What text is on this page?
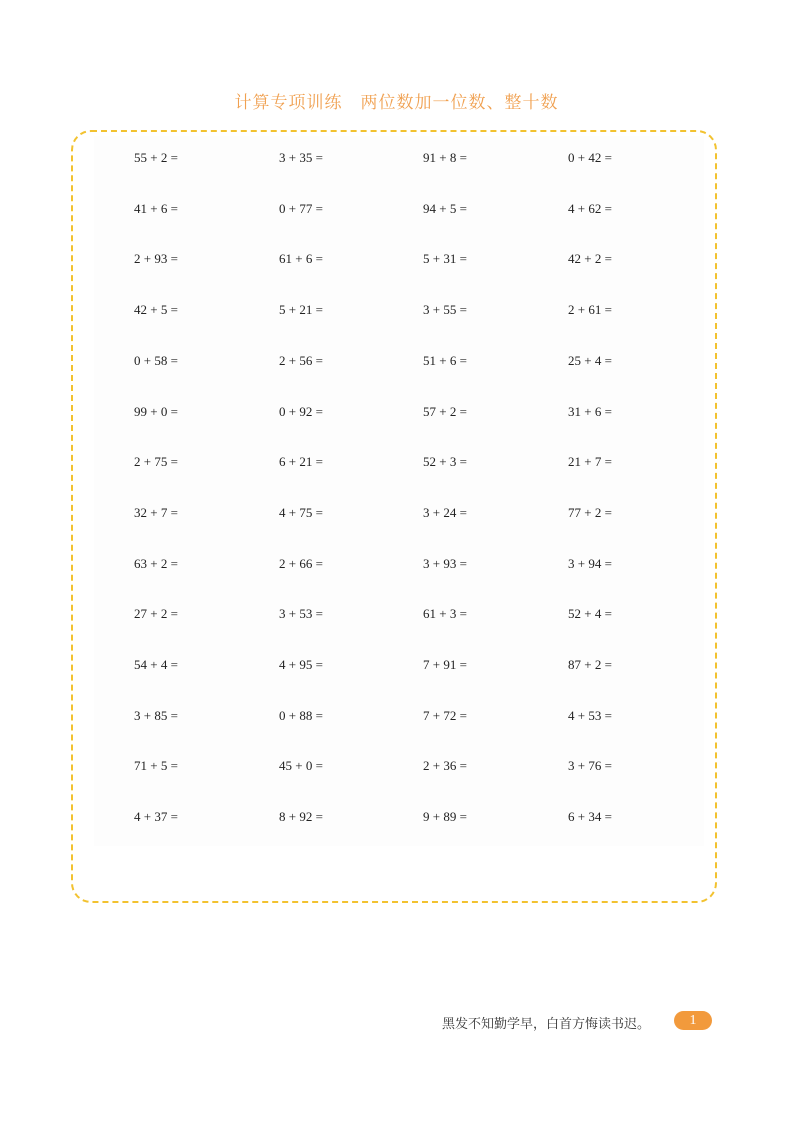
计算专项训练　两位数加一位数、整十数
55 + 2 =	3 + 35 =	91 + 8 =	0 + 42 =
41 + 6 =	0 + 77 =	94 + 5 =	4 + 62 =
2 + 93 =	61 + 6 =	5 + 31 =	42 + 2 =
42 + 5 =	5 + 21 =	3 + 55 =	2 + 61 =
0 + 58 =	2 + 56 =	51 + 6 =	25 + 4 =
99 + 0 =	0 + 92 =	57 + 2 =	31 + 6 =
2 + 75 =	6 + 21 =	52 + 3 =	21 + 7 =
32 + 7 =	4 + 75 =	3 + 24 =	77 + 2 =
63 + 2 =	2 + 66 =	3 + 93 =	3 + 94 =
27 + 2 =	3 + 53 =	61 + 3 =	52 + 4 =
54 + 4 =	4 + 95 =	7 + 91 =	87 + 2 =
3 + 85 =	0 + 88 =	7 + 72 =	4 + 53 =
71 + 5 =	45 + 0 =	2 + 36 =	3 + 76 =
4 + 37 =	8 + 92 =	9 + 89 =	6 + 34 =
黑发不知勤学早，白首方悔读书迟。	1
